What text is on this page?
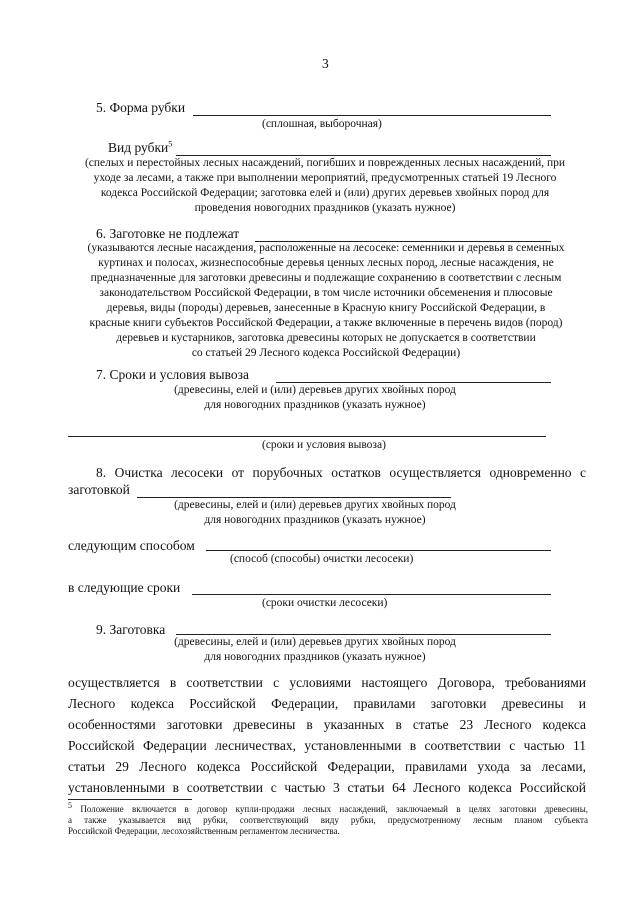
3
5. Форма рубки
(сплошная, выборочная)
Вид рубки$^5$
(спелых и перестойных лесных насаждений, погибших и поврежденных лесных насаждений, при
уходе за лесами, а также при выполнении мероприятий, предусмотренных статьей 19 Лесного
кодекса Российской Федерации; заготовка елей и (или) других деревьев хвойных пород для
проведения новогодних праздников (указать нужное)
6. Заготовке не подлежат
(указываются лесные насаждения, расположенные на лесосеке: семенники и деревья в семенных
куртинах и полосах, жизнеспособные деревья ценных лесных пород, лесные насаждения, не
предназначенные для заготовки древесины и подлежащие сохранению в соответствии с лесным
законодательством Российской Федерации, в том числе источники обсеменения и плюсовые
деревья, виды (породы) деревьев, занесенные в Красную книгу Российской Федерации, в
красные книги субъектов Российской Федерации, а также включенные в перечень видов (пород)
деревьев и кустарников, заготовка древесины которых не допускается в соответствии
со статьей 29 Лесного кодекса Российской Федерации)
7. Сроки и условия вывоза
(древесины, елей и (или) деревьев других хвойных пород
для новогодних праздников (указать нужное)
(сроки и условия вывоза)
8. Очистка лесосеки от порубочных остатков осуществляется одновременно с
заготовкой
(древесины, елей и (или) деревьев других хвойных пород
для новогодних праздников (указать нужное)
следующим способом
(способ (способы) очистки лесосеки)
в следующие сроки
(сроки очистки лесосеки)
9. Заготовка
(древесины, елей и (или) деревьев других хвойных пород
для новогодних праздников (указать нужное)
осуществляется в соответствии с условиями настоящего Договора, требованиями
Лесного кодекса Российской Федерации, правилами заготовки древесины и
особенностями заготовки древесины в указанных в статье 23 Лесного кодекса
Российской Федерации лесничествах, установленными в соответствии с частью 11
статьи 29 Лесного кодекса Российской Федерации, правилами ухода за лесами,
установленными в соответствии с частью 3 статьи 64 Лесного кодекса Российской
$^5$ Положение включается в договор купли-продажи лесных насаждений, заключаемый в целях заготовки древесины,
а также указывается вид рубки, соответствующий виду рубки, предусмотренному лесным планом субъекта
Российской Федерации, лесохозяйственным регламентом лесничества.
